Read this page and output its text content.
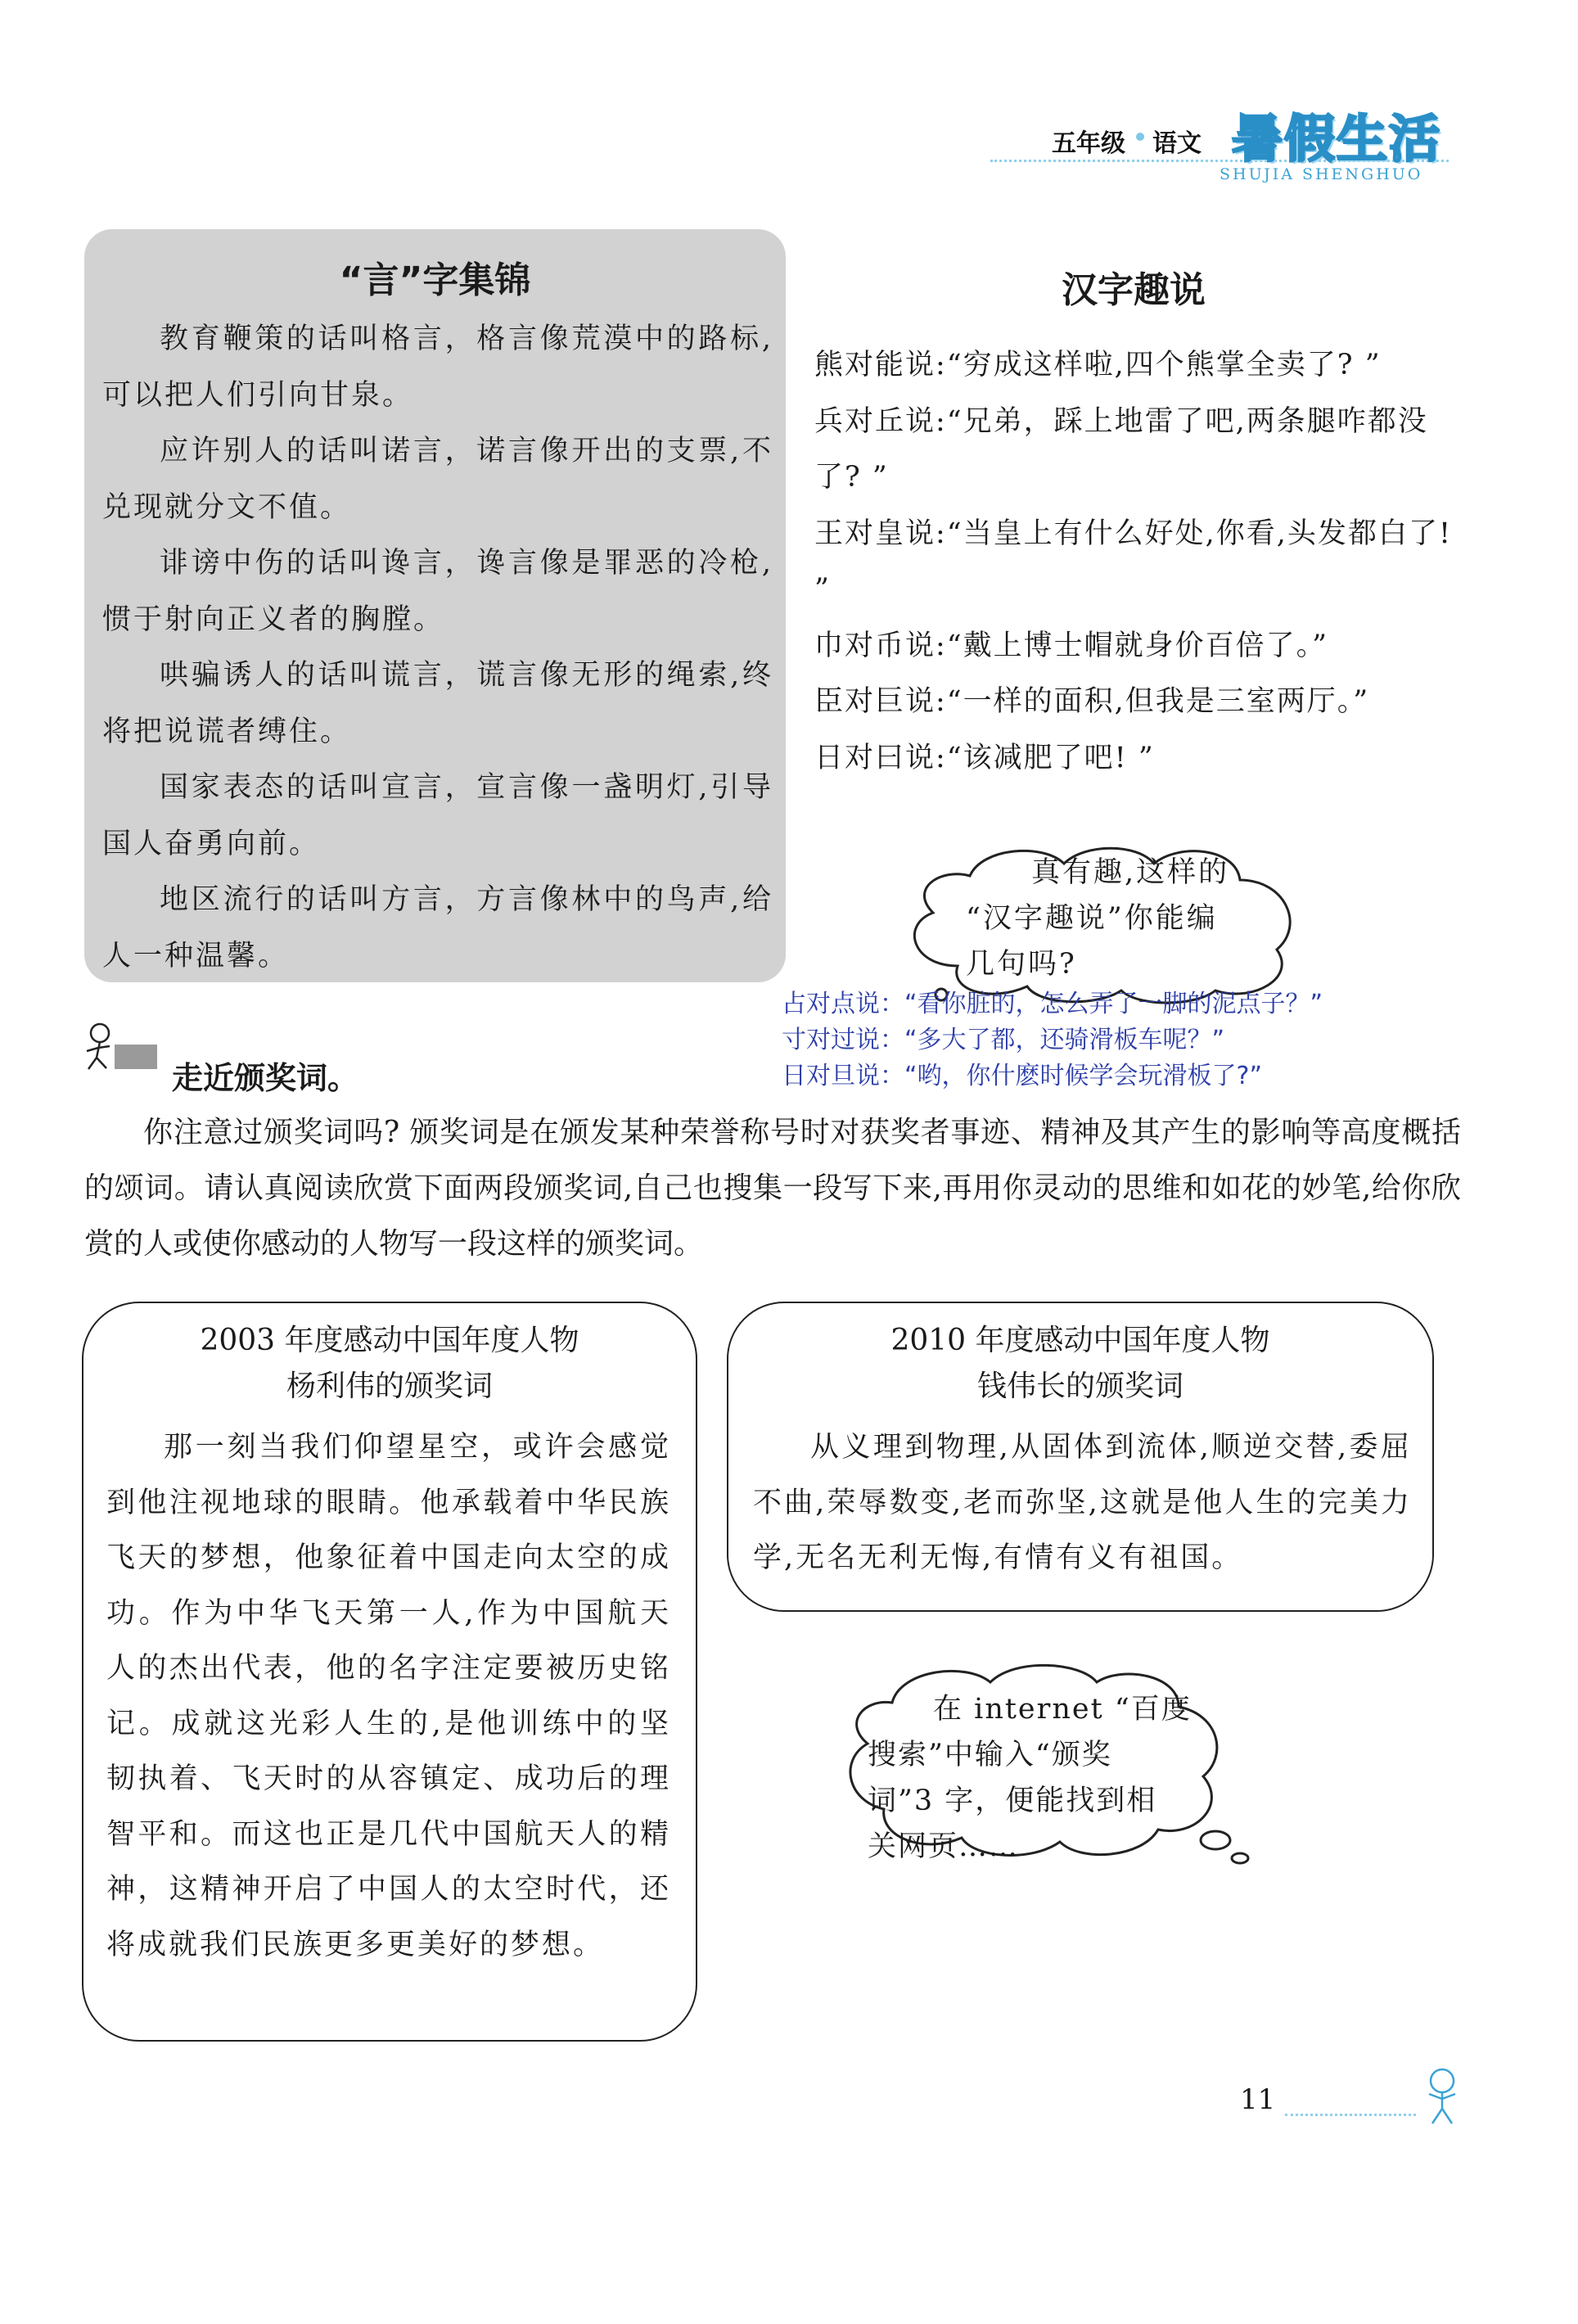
五年级 语文 暑假生活
SHUJIA SHENGHUO
“言”字集锦

教育鞭策的话叫格言，格言像荒漠中的路标,可以把人们引向甘泉。

应许别人的话叫诺言，诺言像开出的支票,不兑现就分文不值。

诽谤中伤的话叫谗言，谗言像是罪恶的冷枪,惯于射向正义者的胸膛。

哄骗诱人的话叫谎言，谎言像无形的绳索,终将把说谎者缚住。

国家表态的话叫宣言，宣言像一盏明灯,引导国人奋勇向前。

地区流行的话叫方言，方言像林中的鸟声,给人一种温馨。

汉字趣说

熊对能说:“穷成这样啦,四个熊掌全卖了? ”

兵对丘说:“兄弟，踩上地雷了吧,两条腿咋都没了? ”

王对皇说:“当皇上有什么好处,你看,头发都白了! ”

巾对币说:“戴上博士帽就身价百倍了。”

臣对巨说:“一样的面积,但我是三室两厅。”

日对曰说:“该减肥了吧! ”

真有趣,这样的

“汉字趣说”你能编

几句吗?

占对点说：“看你脏的，怎么弄了一脚的泥点子？”

寸对过说：“多大了都，还骑滑板车呢？”

日对旦说：“哟，你什麽时候学会玩滑板了?”

走近颁奖词。

你注意过颁奖词吗? 颁奖词是在颁发某种荣誉称号时对获奖者事迹、精神及其产生的影响等高度概括的颂词。请认真阅读欣赏下面两段颁奖词,自己也搜集一段写下来,再用你灵动的思维和如花的妙笔,给你欣赏的人或使你感动的人物写一段这样的颁奖词。

2003 年度感动中国年度人物
杨利伟的颁奖词

那一刻当我们仰望星空，或许会感觉到他注视地球的眼睛。他承载着中华民族飞天的梦想，他象征着中国走向太空的成功。作为中华飞天第一人,作为中国航天人的杰出代表，他的名字注定要被历史铭记。成就这光彩人生的,是他训练中的坚韧执着、飞天时的从容镇定、成功后的理智平和。而这也正是几代中国航天人的精神，这精神开启了中国人的太空时代，还将成就我们民族更多更美好的梦想。

2010 年度感动中国年度人物
钱伟长的颁奖词

从义理到物理,从固体到流体,顺逆交替,委屈不曲,荣辱数变,老而弥坚,这就是他人生的完美力学,无名无利无悔,有情有义有祖国。

在 internet “百度

搜索”中输入“颁奖

词”3 字，便能找到相

关网页……

11
